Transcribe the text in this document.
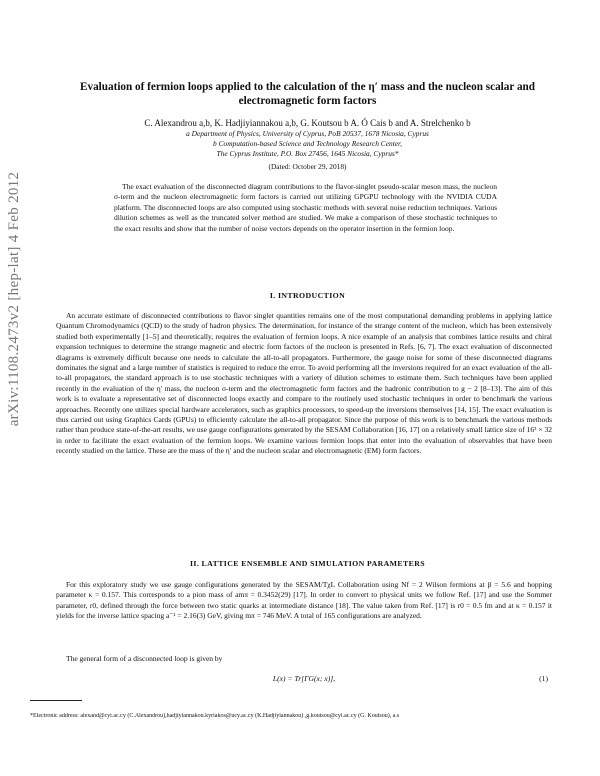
arXiv:1108.2473v2 [hep-lat] 4 Feb 2012
Evaluation of fermion loops applied to the calculation of the η′ mass and the nucleon scalar and electromagnetic form factors
C. Alexandrou a,b, K. Hadjiyiannakou a,b, G. Koutsou b A. Ó Cais b and A. Strelchenko b
a Department of Physics, University of Cyprus, PoB 20537, 1678 Nicosia, Cyprus
b Computation-based Science and Technology Research Center,
The Cyprus Institute, P.O. Box 27456, 1645 Nicosia, Cyprus*
(Dated: October 29, 2018)

The exact evaluation of the disconnected diagram contributions to the flavor-singlet pseudo-scalar meson mass, the nucleon σ-term and the nucleon electromagnetic form factors is carried out utilizing GPGPU technology with the NVIDIA CUDA platform. The disconnected loops are also computed using stochastic methods with several noise reduction techniques. Various dilution schemes as well as the truncated solver method are studied. We make a comparison of these stochastic techniques to the exact results and show that the number of noise vectors depends on the operator insertion in the fermion loop.

I. INTRODUCTION

An accurate estimate of disconnected contributions to flavor singlet quantities remains one of the most computational demanding problems in applying lattice Quantum Chromodynamics (QCD) to the study of hadron physics. The determination, for instance of the strange content of the nucleon, which has been extensively studied both experimentally [1–5] and theoretically, requires the evaluation of fermion loops. A nice example of an analysis that combines lattice results and chiral expansion techniques to determine the strange magnetic and electric form factors of the nucleon is presented in Refs. [6, 7]. The exact evaluation of disconnected diagrams is extremely difficult because one needs to calculate the all-to-all propagators. Furthermore, the gauge noise for some of these disconnected diagrams dominates the signal and a large number of statistics is required to reduce the error. To avoid performing all the inversions required for an exact evaluation of the all-to-all propagators, the standard approach is to use stochastic techniques with a variety of dilution schemes to estimate them. Such techniques have been applied recently in the evaluation of the η′ mass, the nucleon σ-term and the electromagnetic form factors and the hadronic contribution to g − 2 [8–13]. The aim of this work is to evaluate a representative set of disconnected loops exactly and compare to the routinely used stochastic techniques in order to benchmark the various approaches. Recently one utilizes special hardware accelerators, such as graphics processors, to speed-up the inversions themselves [14, 15]. The exact evaluation is thus carried out using Graphics Cards (GPUs) to efficiently calculate the all-to-all propagator. Since the purpose of this work is to benchmark the various methods rather than produce state-of-the-art results, we use gauge configurations generated by the SESAM Collaboration [16, 17] on a relatively small lattice size of 16³ × 32 in order to facilitate the exact evaluation of the fermion loops. We examine various fermion loops that enter into the evaluation of observables that have been recently studied on the lattice. These are the mass of the η′ and the nucleon scalar and electromagnetic (EM) form factors.

II. LATTICE ENSEMBLE AND SIMULATION PARAMETERS

For this exploratory study we use gauge configurations generated by the SESAM/TχL Collaboration using Nf = 2 Wilson fermions at β = 5.6 and hopping parameter κ = 0.157. This corresponds to a pion mass of amπ = 0.3452(29) [17]. In order to convert to physical units we follow Ref. [17] and use the Sommer parameter, r0, defined through the force between two static quarks at intermediate distance [18]. The value taken from Ref. [17] is r0 = 0.5 fm and at κ = 0.157 it yields for the inverse lattice spacing a⁻¹ = 2.16(3) GeV, giving mπ = 746 MeV. A total of 165 configurations are analyzed.

The general form of a disconnected loop is given by

L(x) = Tr[ΓG(x; x)],	(1)
*Electronic address: alexand@cyi.ac.cy (C.Alexandrou),hadjiyiannakou.kyriakos@ucy.ac.cy (K.Hadjiyiannakou) ,g.koutsou@cyi.ac.cy (G. Koutsou), a.s
